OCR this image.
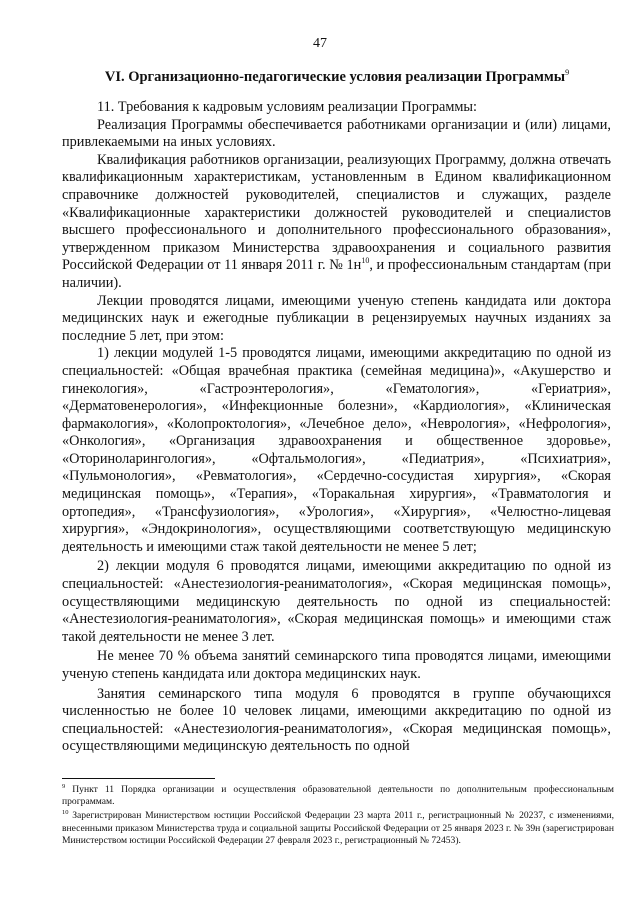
47
VI. Организационно-педагогические условия реализации Программы$^9$

11. Требования к кадровым условиям реализации Программы:

Реализация Программы обеспечивается работниками организации и (или) лицами, привлекаемыми на иных условиях.

Квалификация работников организации, реализующих Программу, должна отвечать квалификационным характеристикам, установленным в Едином квалификационном справочнике должностей руководителей, специалистов и служащих, разделе «Квалификационные характеристики должностей руководителей и специалистов высшего профессионального и дополнительного профессионального образования», утвержденном приказом Министерства здравоохранения и социального развития Российской Федерации от 11 января 2011 г. № $1н^{10}$, и профессиональным стандартам (при наличии).

Лекции проводятся лицами, имеющими ученую степень кандидата или доктора медицинских наук и ежегодные публикации в рецензируемых научных изданиях за последние 5 лет, при этом:

1) лекции модулей 1-5 проводятся лицами, имеющими аккредитацию по одной из специальностей: «Общая врачебная практика (семейная медицина)», «Акушерство и гинекология», «Гастроэнтерология», «Гематология», «Гериатрия», «Дерматовенерология», «Инфекционные болезни», «Кардиология», «Клиническая фармакология», «Колопроктология», «Лечебное дело», «Неврология», «Нефрология», «Онкология», «Организация здравоохранения и общественное здоровье», «Оториноларингология», «Офтальмология», «Педиатрия», «Психиатрия», «Пульмонология», «Ревматология», «Сердечно-сосудистая хирургия», «Скорая медицинская помощь», «Терапия», «Торакальная хирургия», «Травматология и ортопедия», «Трансфузиология», «Урология», «Хирургия», «Челюстно-лицевая хирургия», «Эндокринология», осуществляющими соответствующую медицинскую деятельность и имеющими стаж такой деятельности не менее 5 лет;

2) лекции модуля 6 проводятся лицами, имеющими аккредитацию по одной из специальностей: «Анестезиология-реаниматология», «Скорая медицинская помощь», осуществляющими медицинскую деятельность по одной из специальностей: «Анестезиология-реаниматология», «Скорая медицинская помощь» и имеющими стаж такой деятельности не менее 3 лет.

Не менее 70 % объема занятий семинарского типа проводятся лицами, имеющими ученую степень кандидата или доктора медицинских наук.

Занятия семинарского типа модуля 6 проводятся в группе обучающихся численностью не более 10 человек лицами, имеющими аккредитацию по одной из специальностей: «Анестезиология-реаниматология», «Скорая медицинская помощь», осуществляющими медицинскую деятельность по одной

$^9$ Пункт 11 Порядка организации и осуществления образовательной деятельности по дополнительным профессиональным программам.

$^{10}$ Зарегистрирован Министерством юстиции Российской Федерации 23 марта 2011 г., регистрационный № 20237, с изменениями, внесенными приказом Министерства труда и социальной защиты Российской Федерации от 25 января 2023 г. № 39н (зарегистрирован Министерством юстиции Российской Федерации 27 февраля 2023 г., регистрационный № 72453).
